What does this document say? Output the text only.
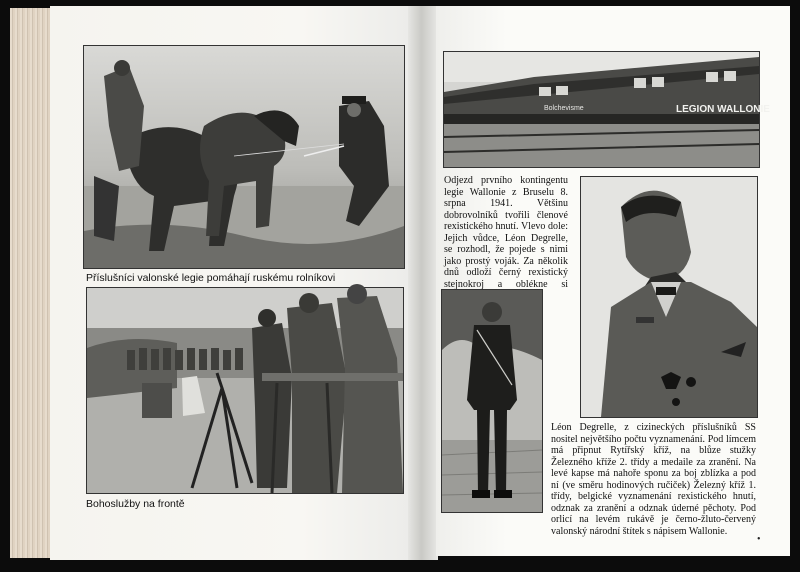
Příslušníci valonské legie pomáhají ruskému rolníkovi
Bohoslužby na frontě
LEGION WALLONIE
Bolchevisme
Odjezd prvního kontingentu legie Wallonie z Bruselu 8. srpna 1941. Většinu dobrovolníků tvořili členové rexistického hnutí. Vlevo dole: Jejich vůdce, Léon Degrelle, se rozhodl, že pojede s nimi jako prostý voják. Za několik dnů odloží černý rexistický stejnokroj a oblékne si
Léon Degrelle, z cizineckých příslušníků SS nositel největšího počtu vyznamenání. Pod límcem má připnut Rytířský kříž, na blůze stužky Železného kříže 2. třídy a medaile za zranění. Na levé kapse má nahoře sponu za boj zblízka a pod ní (ve směru hodinových ručiček) Železný kříž 1. třídy, belgické vyznamenání rexistického hnutí, odznak za zranění a odznak úderné pěchoty. Pod orlicí na levém rukávě je černo-žluto-červený valonský národní štítek s nápisem Wallonie.
•
